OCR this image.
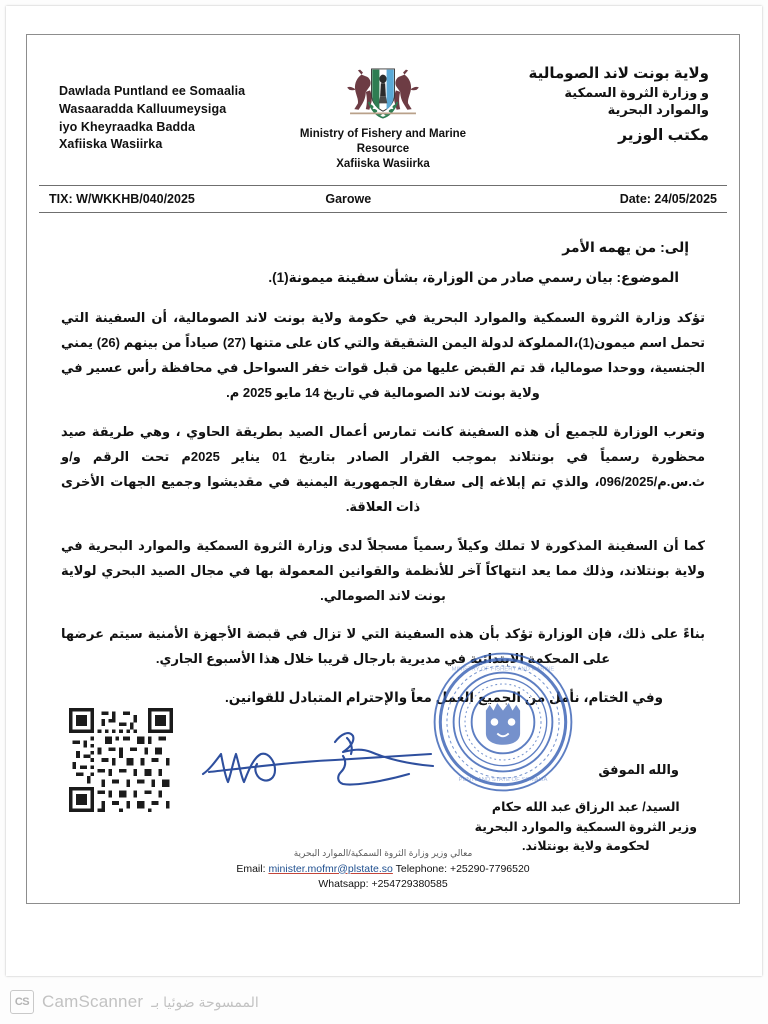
Dawlada Puntland ee Somaalia
Wasaaradda Kalluumeysiga
iyo Kheyraadka Badda
Xafiiska Wasiirka
Ministry of Fishery and Marine
Resource
Xafiiska Wasiirka
ولاية بونت لاند الصومالية
و وزارة الثروة السمكية
والموارد البحرية
مكتب الوزير
TIX: W/WKKHB/040/2025	Garowe	Date: 24/05/2025
إلى: من يهمه الأمر
الموضوع: بيان رسمي صادر من الوزارة، بشأن سفينة ميمونة(1).

تؤكد وزارة الثروة السمكية والموارد البحرية في حكومة ولاية بونت لاند الصومالية، أن السفينة التي تحمل اسم ميمون(1)،المملوكة لدولة اليمن الشقيقة والتي كان على متنها (27) صياداً من بينهم (26) يمني الجنسية، ووحدا صوماليا، قد تم القبض عليها من قبل قوات خفر السواحل في محافظة رأس عسير في ولاية بونت لاند الصومالية في تاريخ 14 مايو 2025 م.

وتعرب الوزارة للجميع أن هذه السفينة كانت تمارس أعمال الصيد بطريقة الحاوي ، وهي طريقة صيد محظورة رسمياً في بونتلاند بموجب القرار الصادر بتاريخ 01 يناير 2025م تحت الرقم و/و ث.س.م/096/2025، والذي تم إبلاغه إلى سفارة الجمهورية اليمنية في مقديشوا وجميع الجهات الأخرى ذات العلاقة.

كما أن السفينة المذكورة لا تملك وكيلاً رسمياً مسجلاً لدى وزارة الثروة السمكية والموارد البحرية في ولاية بونتلاند، وذلك مما يعد انتهاكاً آخر للأنظمة والقوانين المعمولة بها في مجال الصيد البحري لولاية بونت لاند الصومالي.

بناءً على ذلك، فإن الوزارة تؤكد بأن هذه السفينة التي لا تزال في قبضة الأجهزة الأمنية سيتم عرضها على المحكمة الابتدائية في مديرية بارجال قريبا خلال هذا الأسبوع الجاري.

وفي الختام، نأمل من الجميع العمل معاً والإحترام المتبادل للقوانين.
MINISTRY OF FISHERY AND MARINE
PUNTLAND STATE OF SOMALIA
والله الموفق
السيد/ عبد الرزاق عبد الله حكام
وزير الثروة السمكية والموارد البحرية
لحكومة ولاية بونتلاند.
معالي وزير وزارة الثروة السمكية/الموارد البحرية
Email: minister.mofmr@plstate.so Telephone: +25290-7796520
Whatsapp: +254729380585
CS CamScanner الممسوحة ضوئيا بـ
